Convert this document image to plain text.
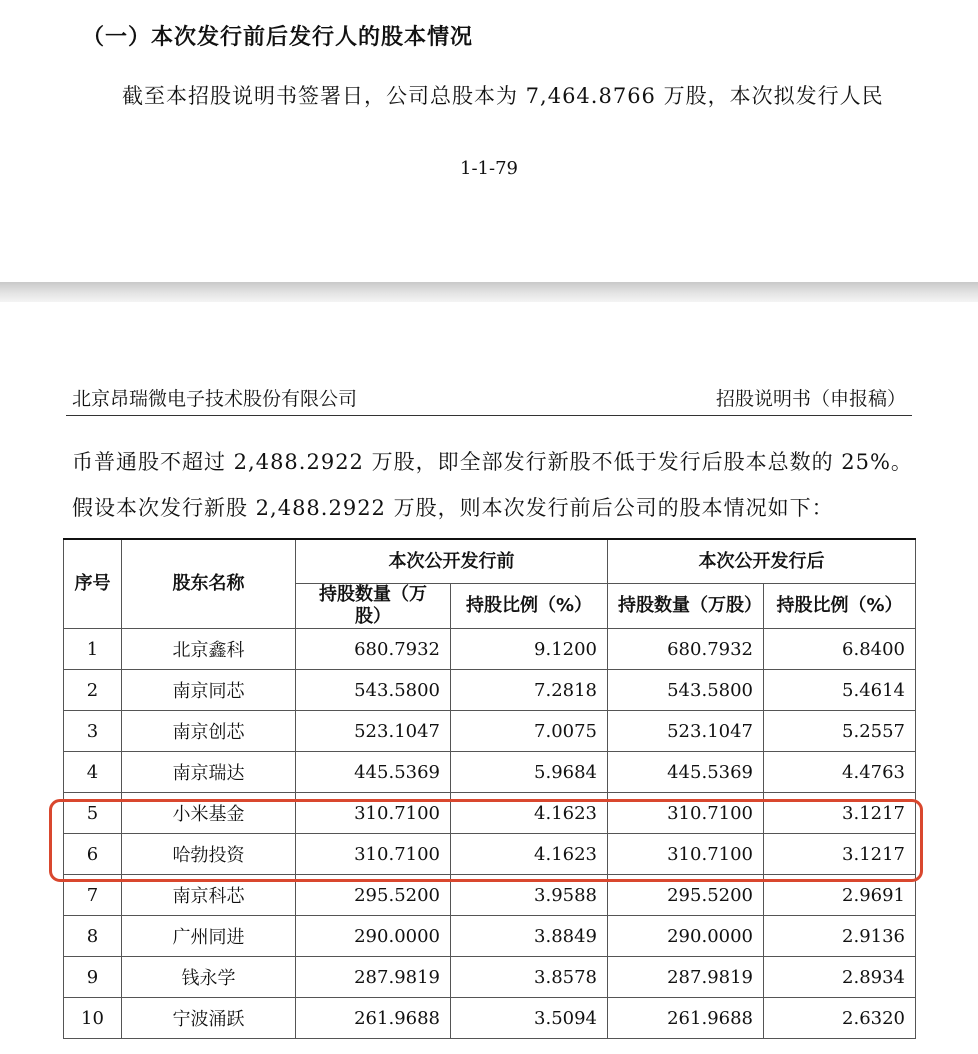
（一）本次发行前后发行人的股本情况
截至本招股说明书签署日，公司总股本为 7,464.8766 万股，本次拟发行人民
1-1-79
北京昂瑞微电子技术股份有限公司	招股说明书（申报稿）
币普通股不超过 2,488.2922 万股，即全部发行新股不低于发行后股本总数的 25%。
假设本次发行新股 2,488.2922 万股，则本次发行前后公司的股本情况如下：
序号	股东名称	本次公开发行前		本次公开发行后	
		持股数量（万股）	持股比例（%）	持股数量（万股）	持股比例（%）
1	北京鑫科	680.7932	9.1200	680.7932	6.8400
2	南京同芯	543.5800	7.2818	543.5800	5.4614
3	南京创芯	523.1047	7.0075	523.1047	5.2557
4	南京瑞达	445.5369	5.9684	445.5369	4.4763
5	小米基金	310.7100	4.1623	310.7100	3.1217
6	哈勃投资	310.7100	4.1623	310.7100	3.1217
7	南京科芯	295.5200	3.9588	295.5200	2.9691
8	广州同进	290.0000	3.8849	290.0000	2.9136
9	钱永学	287.9819	3.8578	287.9819	2.8934
10	宁波涌跃	261.9688	3.5094	261.9688	2.6320
